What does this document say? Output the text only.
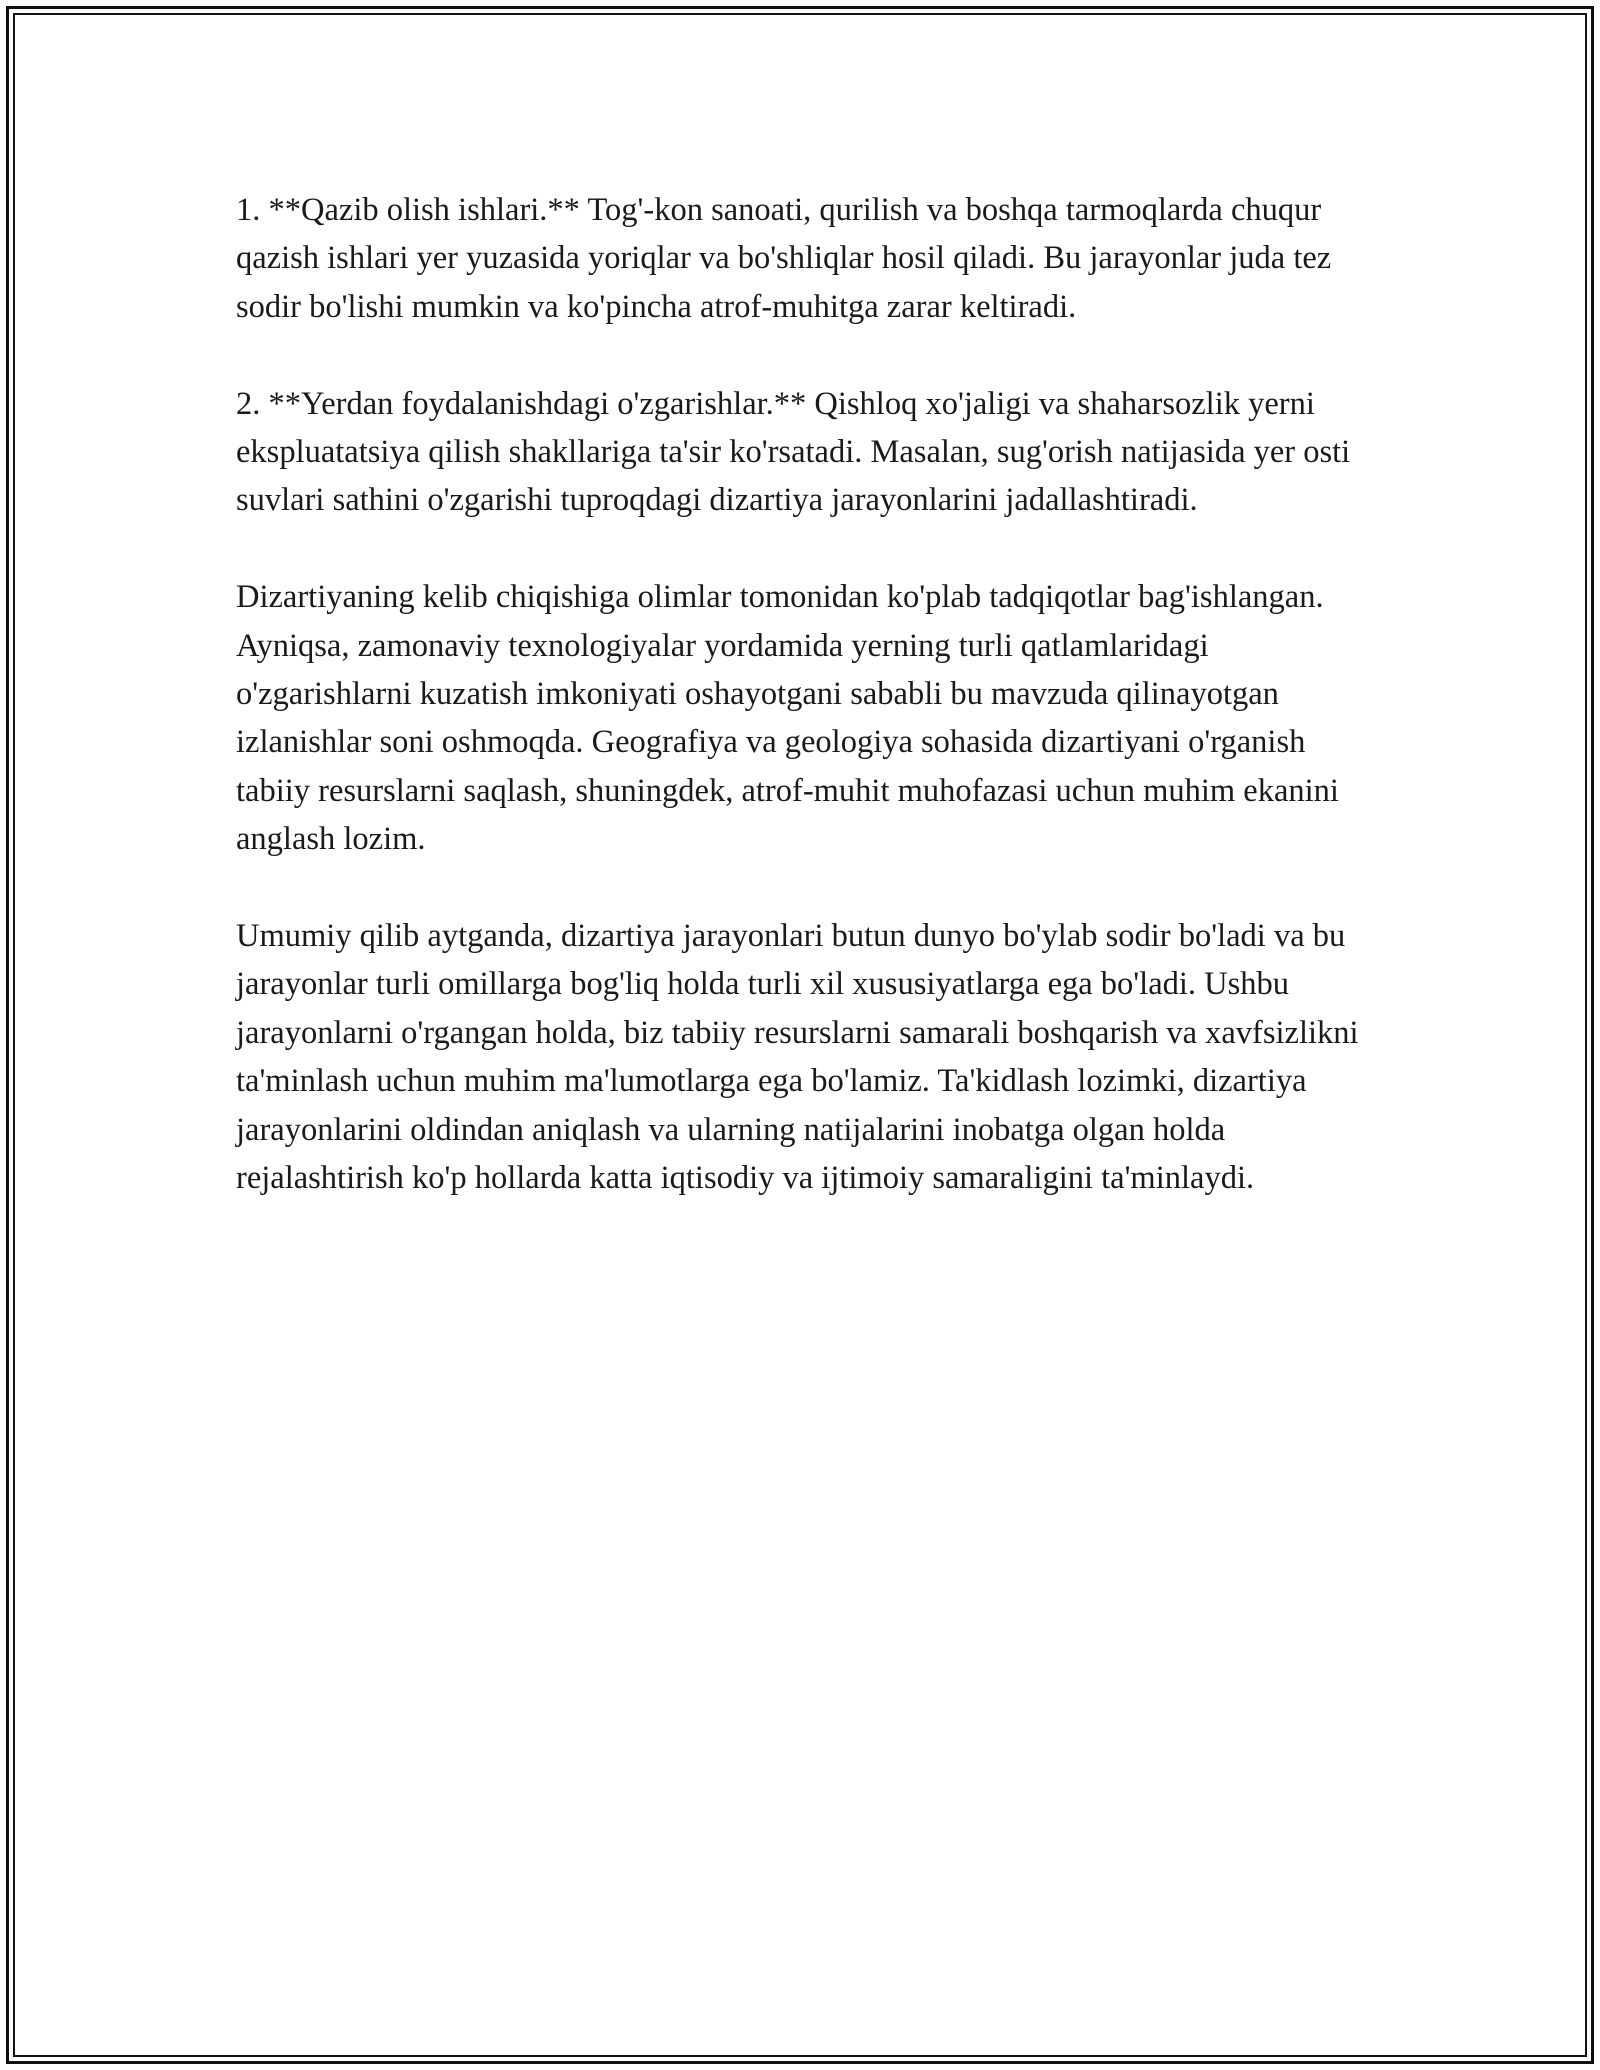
1. **Qazib olish ishlari.** Tog'-kon sanoati, qurilish va boshqa tarmoqlarda chuqur qazish ishlari yer yuzasida yoriqlar va bo'shliqlar hosil qiladi. Bu jarayonlar juda tez sodir bo'lishi mumkin va ko'pincha atrof-muhitga zarar keltiradi.

2. **Yerdan foydalanishdagi o'zgarishlar.** Qishloq xo'jaligi va shaharsozlik yerni ekspluatatsiya qilish shakllariga ta'sir ko'rsatadi. Masalan, sug'orish natijasida yer osti suvlari sathini o'zgarishi tuproqdagi dizartiya jarayonlarini jadallashtiradi.

Dizartiyaning kelib chiqishiga olimlar tomonidan ko'plab tadqiqotlar bag'ishlangan. Ayniqsa, zamonaviy texnologiyalar yordamida yerning turli qatlamlaridagi o'zgarishlarni kuzatish imkoniyati oshayotgani sababli bu mavzuda qilinayotgan izlanishlar soni oshmoqda. Geografiya va geologiya sohasida dizartiyani o'rganish tabiiy resurslarni saqlash, shuningdek, atrof-muhit muhofazasi uchun muhim ekanini anglash lozim.

Umumiy qilib aytganda, dizartiya jarayonlari butun dunyo bo'ylab sodir bo'ladi va bu jarayonlar turli omillarga bog'liq holda turli xil xususiyatlarga ega bo'ladi. Ushbu jarayonlarni o'rgangan holda, biz tabiiy resurslarni samarali boshqarish va xavfsizlikni ta'minlash uchun muhim ma'lumotlarga ega bo'lamiz. Ta'kidlash lozimki, dizartiya jarayonlarini oldindan aniqlash va ularning natijalarini inobatga olgan holda rejalashtirish ko'p hollarda katta iqtisodiy va ijtimoiy samaraligini ta'minlaydi.
